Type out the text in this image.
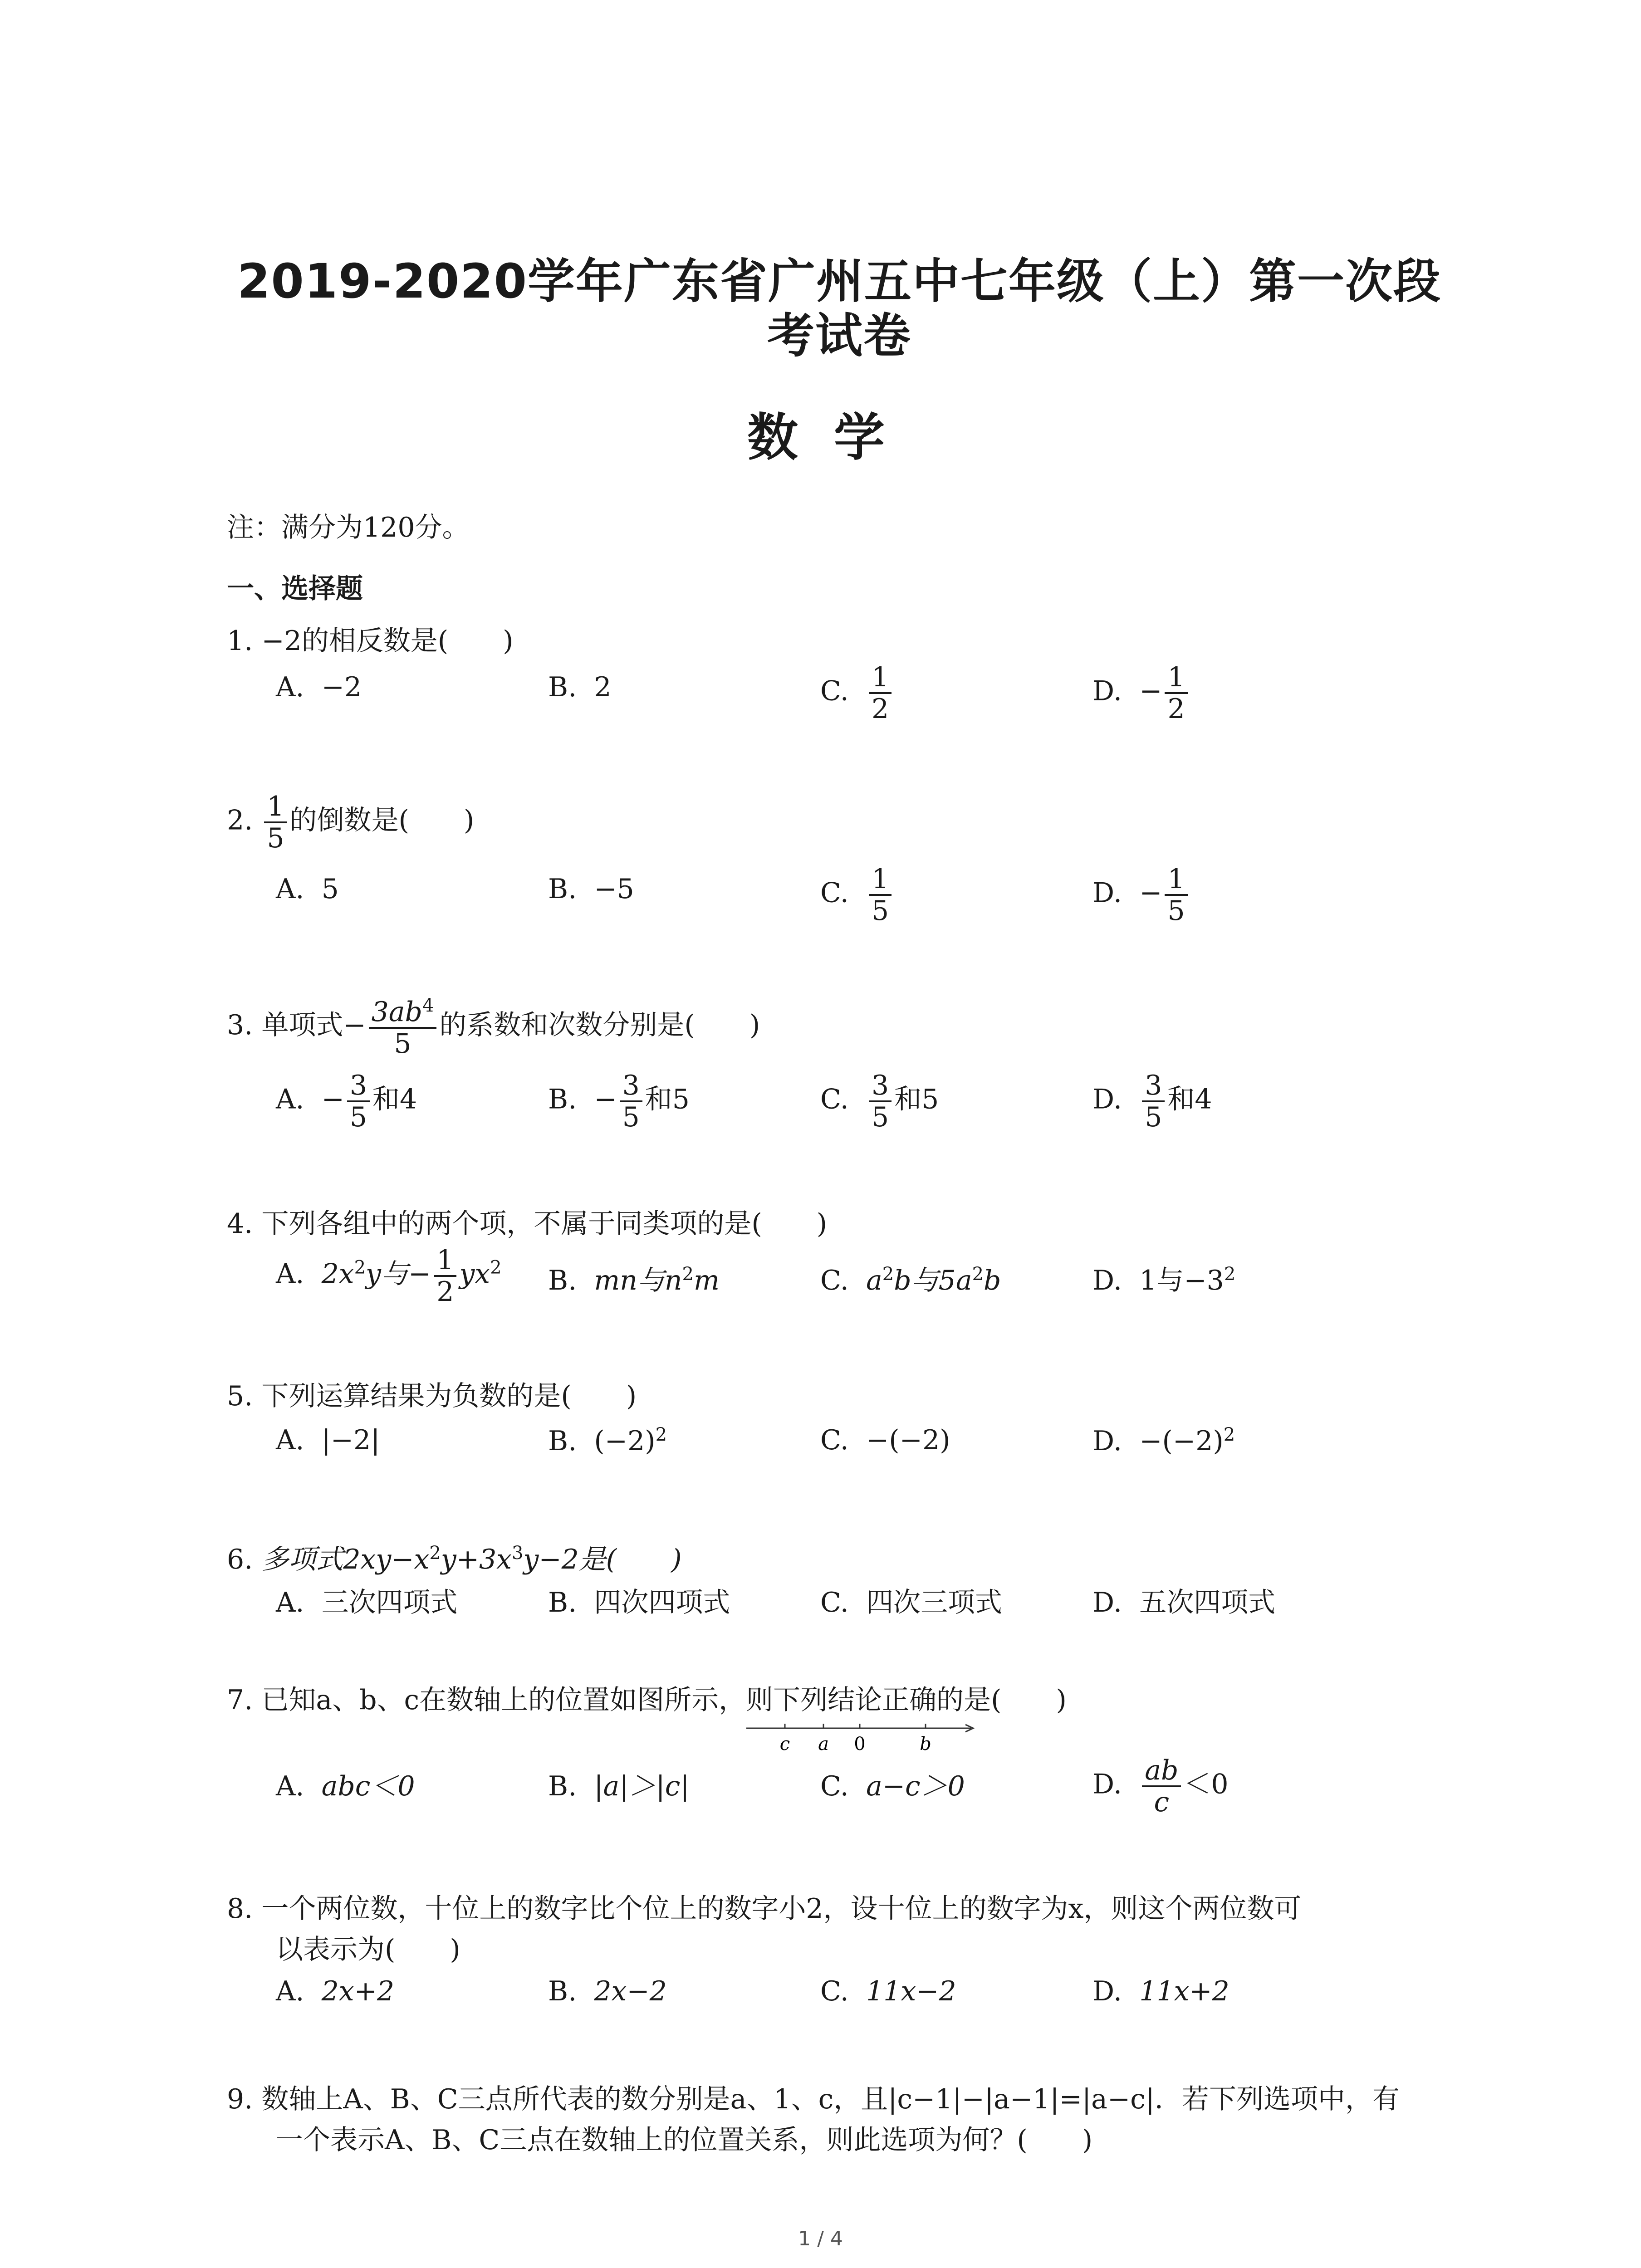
2019-2020学年广东省广州五中七年级（上）第一次段
考试卷
数 学
注：满分为120分。
一、选择题
1. −2的相反数是(　　)
A. −2	B. 2	C. $\frac{1}{2}$	D. − $\frac{1}{2}$
2. $\frac{1}{5}$ 的倒数是(　　)
A. 5	B. −5	C. $\frac{1}{5}$	D. − $\frac{1}{5}$
3. 单项式− $\frac{3ab^4}{5}$ 的系数和次数分别是(　　)
A. − $\frac{3}{5}$ 和4	B. − $\frac{3}{5}$ 和5	C. $\frac{3}{5}$ 和5	D. $\frac{3}{5}$ 和4
4. 下列各组中的两个项，不属于同类项的是(　　)
A. $2x^2y$与− $\frac{1}{2} yx^2$ B. mn与$n^2m$	C. $a^2b$与$5a^2b$	D. 1与$-3^2$
5. 下列运算结果为负数的是(　　)
A. |−2|	B. $(-2)^2$	C. −(−2)	D. $-(-2)^2$
6. 多项式$2xy-x^2y+3x^3y-2$是(　　)
A. 三次四项式	B. 四次四项式	C. 四次三项式	D. 五次四项式
7. 已知a、b、c在数轴上的位置如图所示，则下列结论正确的是(　　)
c a 0	b
A. abc＜0	B. |a|＞|c|	C. a−c＞0	D. $\frac{ab}{c} <0$
8. 一个两位数，十位上的数字比个位上的数字小2，设十位上的数字为x，则这个两位数可
以表示为(　　)
A. 2x+2	B. 2x−2	C. 11x−2	D. 11x+2
9. 数轴上A、B、C三点所代表的数分别是a、1、c，且|c−1|−|a−1|=|a−c|．若下列选项中，有
一个表示A、B、C三点在数轴上的位置关系，则此选项为何？(　　)
1 / 4
